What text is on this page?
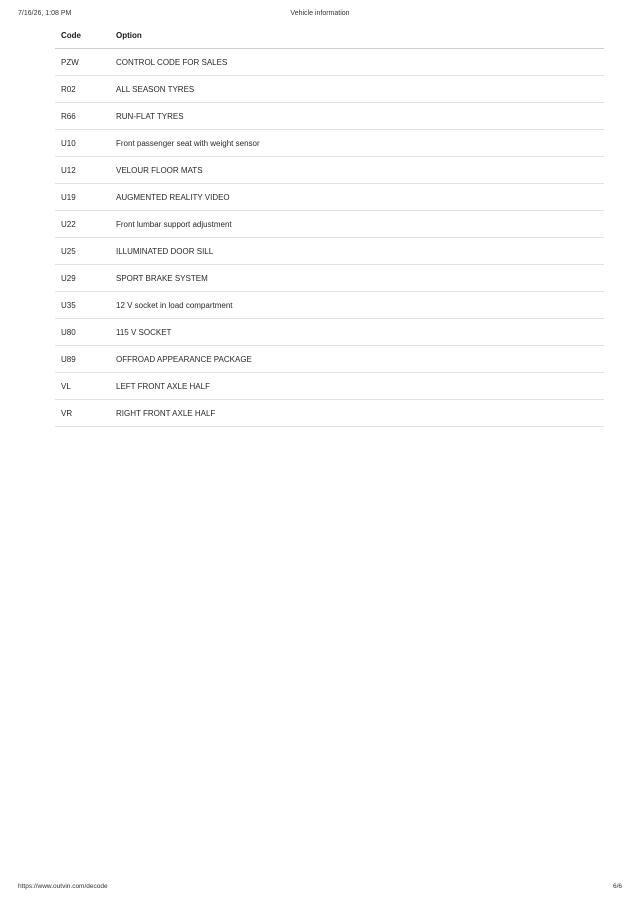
7/16/26, 1:08 PM	Vehicle information
Code	Option
PZW	CONTROL CODE FOR SALES
R02	ALL SEASON TYRES
R66	RUN-FLAT TYRES
U10	Front passenger seat with weight sensor
U12	VELOUR FLOOR MATS
U19	AUGMENTED REALITY VIDEO
U22	Front lumbar support adjustment
U25	ILLUMINATED DOOR SILL
U29	SPORT BRAKE SYSTEM
U35	12 V socket in load compartment
U80	115 V SOCKET
U89	OFFROAD APPEARANCE PACKAGE
VL	LEFT FRONT AXLE HALF
VR	RIGHT FRONT AXLE HALF
https://www.outvin.com/decode	6/6
